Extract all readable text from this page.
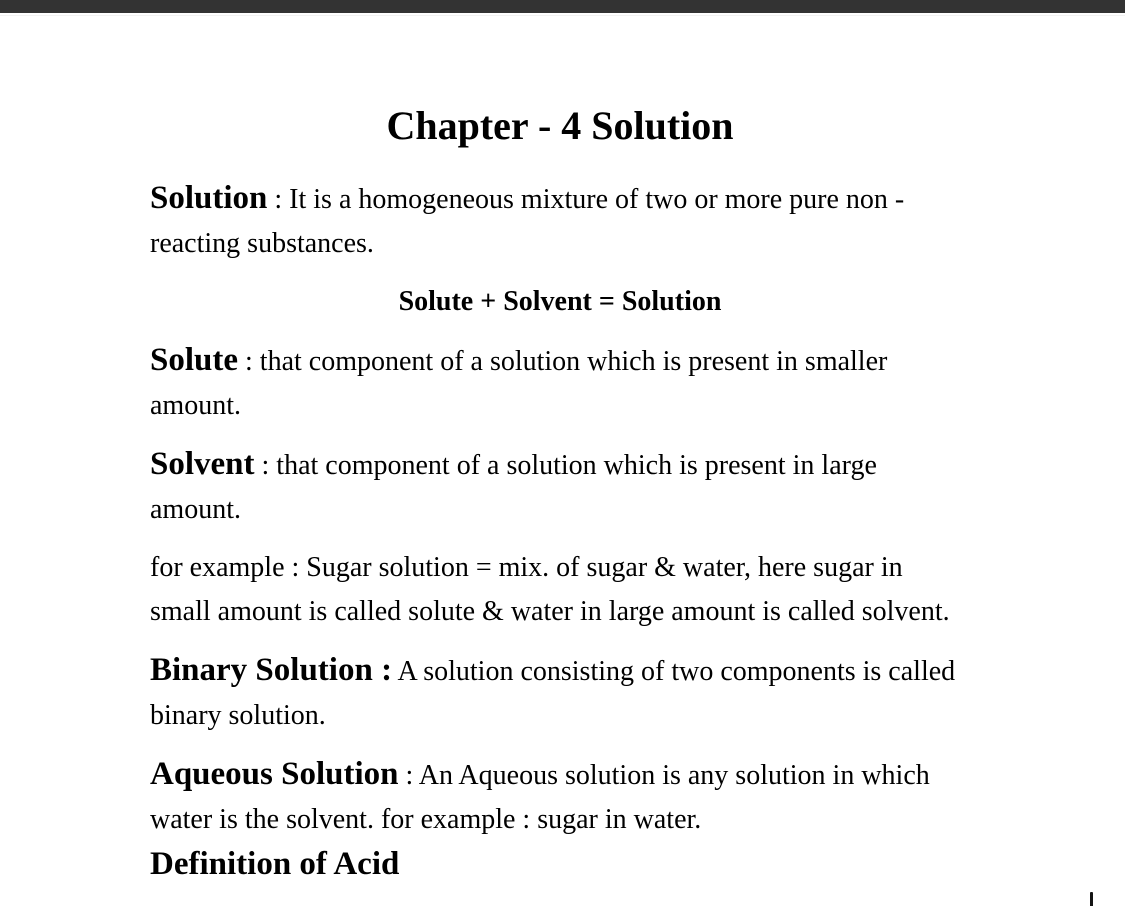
Chapter - 4 Solution
Solution : It is a homogeneous mixture of two or more pure non - reacting substances.
Solute + Solvent = Solution
Solute : that component of a solution which is present in smaller amount.
Solvent : that component of a solution which is present in large amount.
for example : Sugar solution = mix. of sugar & water, here sugar in small amount is called solute & water in large amount is called solvent.
Binary Solution : A solution consisting of two components is called binary solution.
Aqueous Solution : An Aqueous solution is any solution in which water is the solvent. for example : sugar in water.
Definition of Acid
